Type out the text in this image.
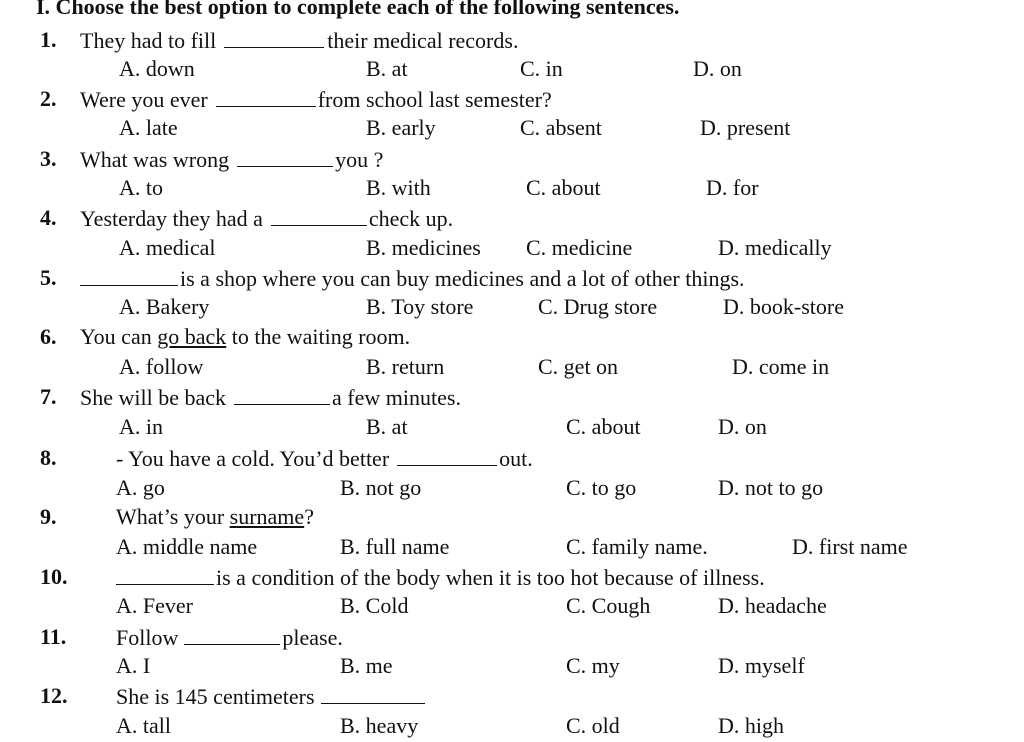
I. Choose the best option to complete each of the following sentences.
1. They had to fill	their medical records.
A. down	B. at	C. in	D. on
2. Were you ever	from school last semester?
A. late	B. early	C. absent	D. present
3. What was wrong	you ?
A. to	B. with	C. about	D. for
4. Yesterday they had a	check up.
A. medical	B. medicines C. medicine	D. medically
5.	is a shop where you can buy medicines and a lot of other things.
A. Bakery	B. Toy store	C. Drug store	D. book-store
6. You can go back to the waiting room.
A. follow	B. return	C. get on	D. come in
7. She will be back	a few minutes.
A. in	B. at	C. about	D. on
8.	- You have a cold. You’d better	out.
A. go	B. not go	C. to go	D. not to go
9.	What’s your surname?
A. middle name	B. full name	C. family name.	D. first name
10.	is a condition of the body when it is too hot because of illness.
A. Fever	B. Cold	C. Cough	D. headache
11. Follow	please.
A. I	B. me	C. my	D. myself
12. She is 145 centimeters
A. tall	B. heavy	C. old	D. high
